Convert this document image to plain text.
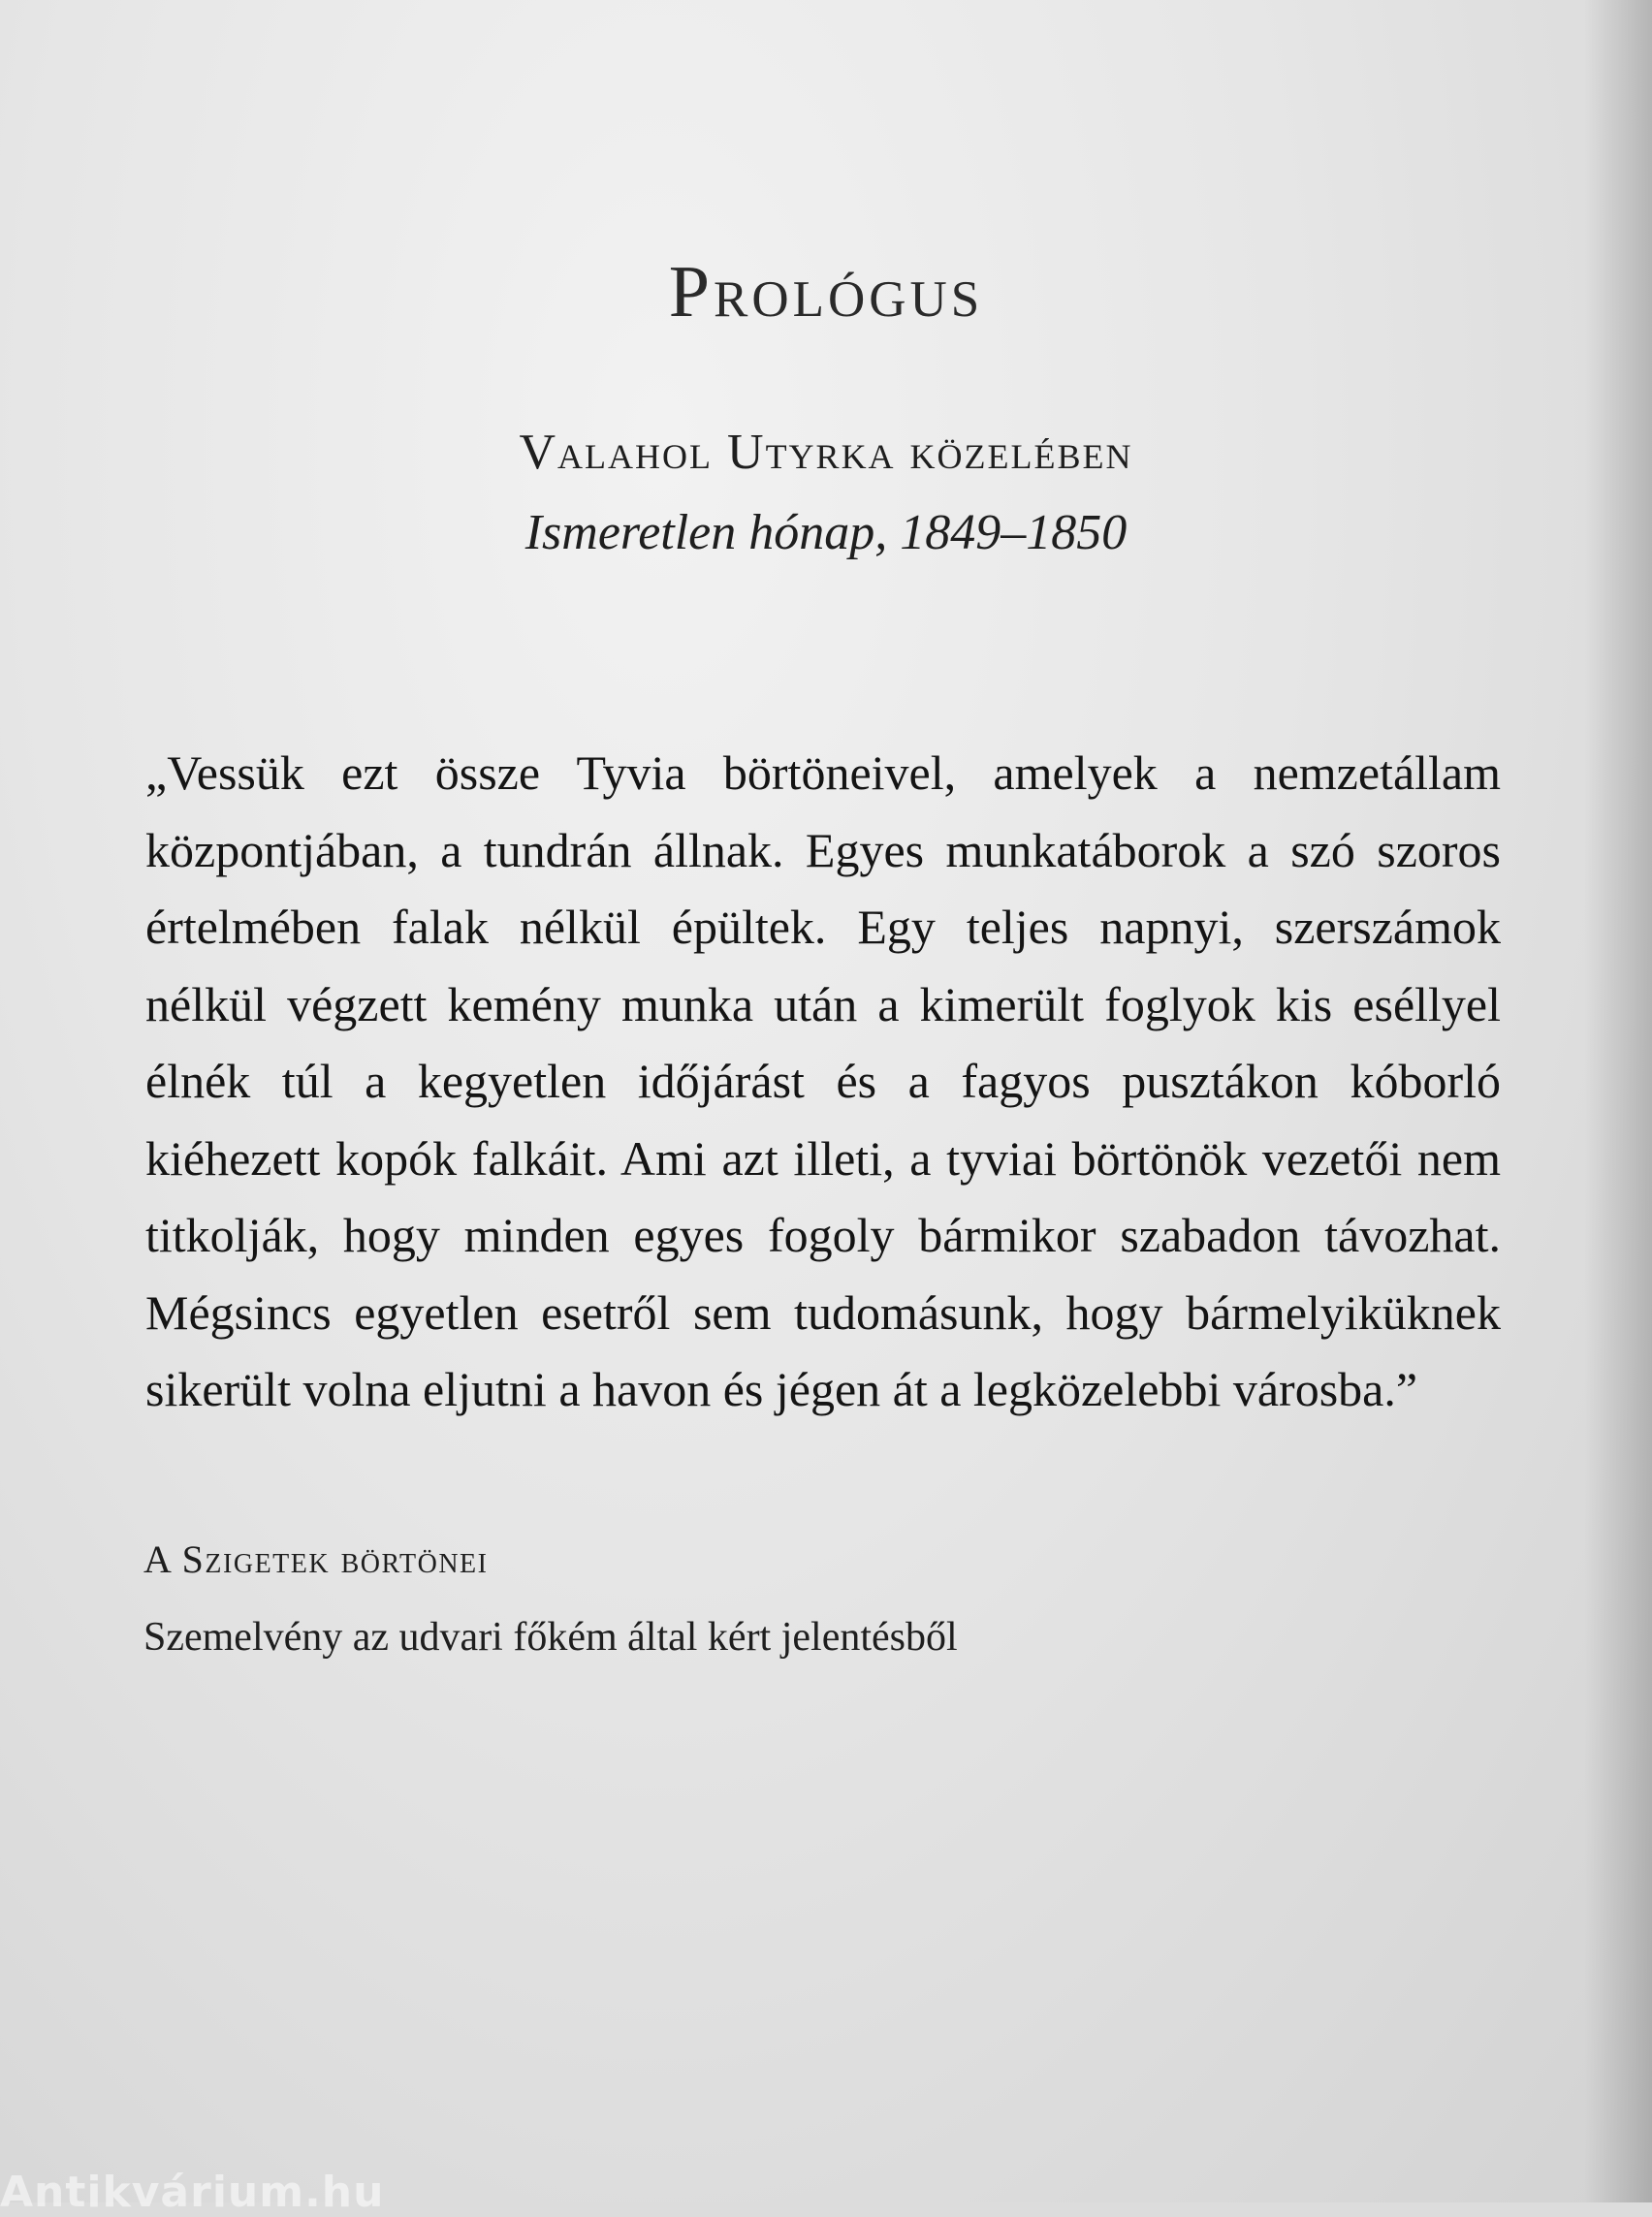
Prológus
Valahol Utyrka közelében
Ismeretlen hónap, 1849–1850

„Vessük ezt össze Tyvia börtöneivel, amelyek a nemzetállam központjában, a tundrán állnak. Egyes munkatáborok a szó szoros értelmében falak nélkül épültek. Egy teljes napnyi, szerszámok nélkül végzett kemény munka után a kimerült foglyok kis eséllyel élnék túl a kegyetlen időjárást és a fagyos pusztákon kóborló kiéhezett kopók falkáit. Ami azt illeti, a tyviai börtönök vezetői nem titkolják, hogy minden egyes fogoly bármikor szabadon távozhat. Mégsincs egyetlen esetről sem tudomásunk, hogy bármelyiküknek sikerült volna eljutni a havon és jégen át a legközelebbi városba.”

A Szigetek börtönei
Szemelvény az udvari főkém által kért jelentésből
Antikvárium.hu
